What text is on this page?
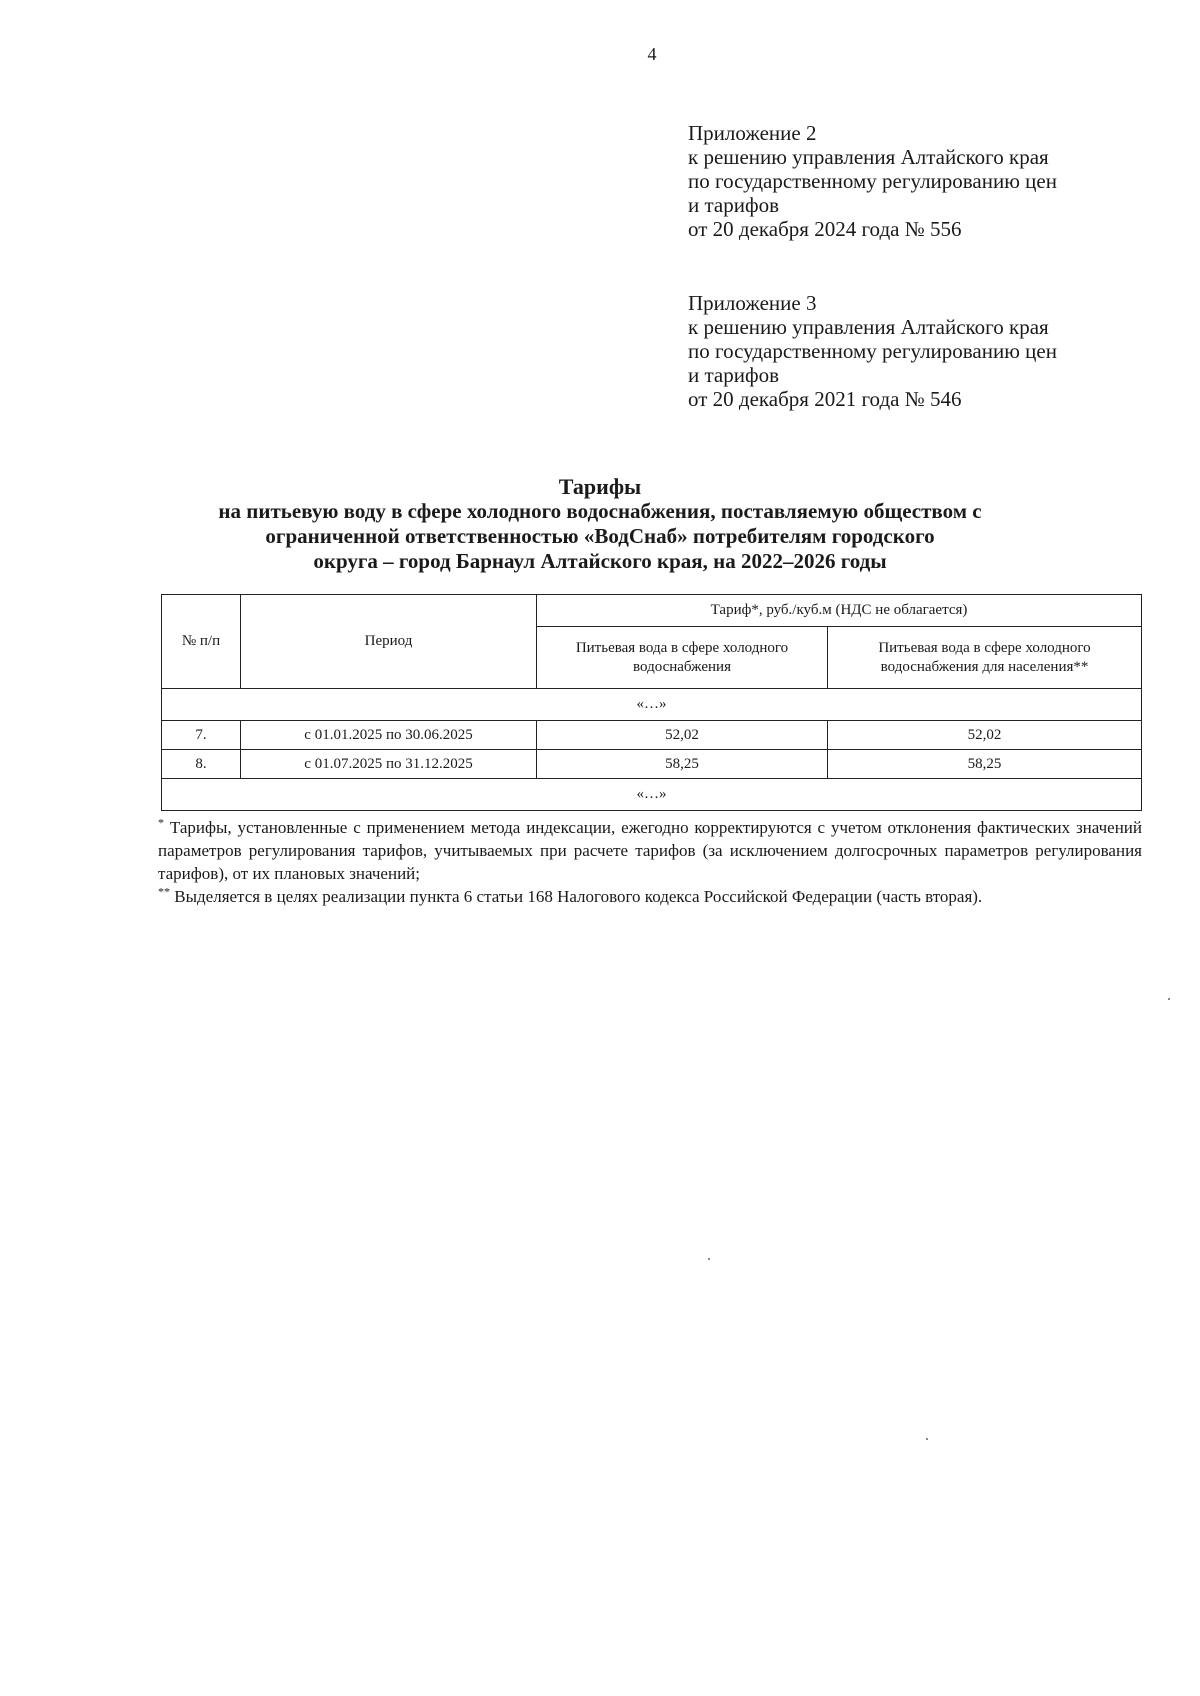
4
Приложение 2
к решению управления Алтайского края
по государственному регулированию цен
и тарифов
от 20 декабря 2024 года № 556
Приложение 3
к решению управления Алтайского края
по государственному регулированию цен
и тарифов
от 20 декабря 2021 года № 546
Тарифы
на питьевую воду в сфере холодного водоснабжения, поставляемую обществом с
ограниченной ответственностью «ВодСнаб» потребителям городского
округа – город Барнаул Алтайского края, на 2022–2026 годы
№ п/п	Период	Тариф*, руб./куб.м (НДС не облагается)	
		Питьевая вода в сфере холодного водоснабжения	Питьевая вода в сфере холодного водоснабжения для населения**
«…»			
7.	с 01.01.2025 по 30.06.2025	52,02	52,02
8.	с 01.07.2025 по 31.12.2025	58,25	58,25
«…»			

* Тарифы, установленные с применением метода индексации, ежегодно корректируются с учетом отклонения фактических значений параметров регулирования тарифов, учитываемых при расчете тарифов (за исключением долгосрочных параметров регулирования тарифов), от их плановых значений;

** Выделяется в целях реализации пункта 6 статьи 168 Налогового кодекса Российской Федерации (часть вторая).
